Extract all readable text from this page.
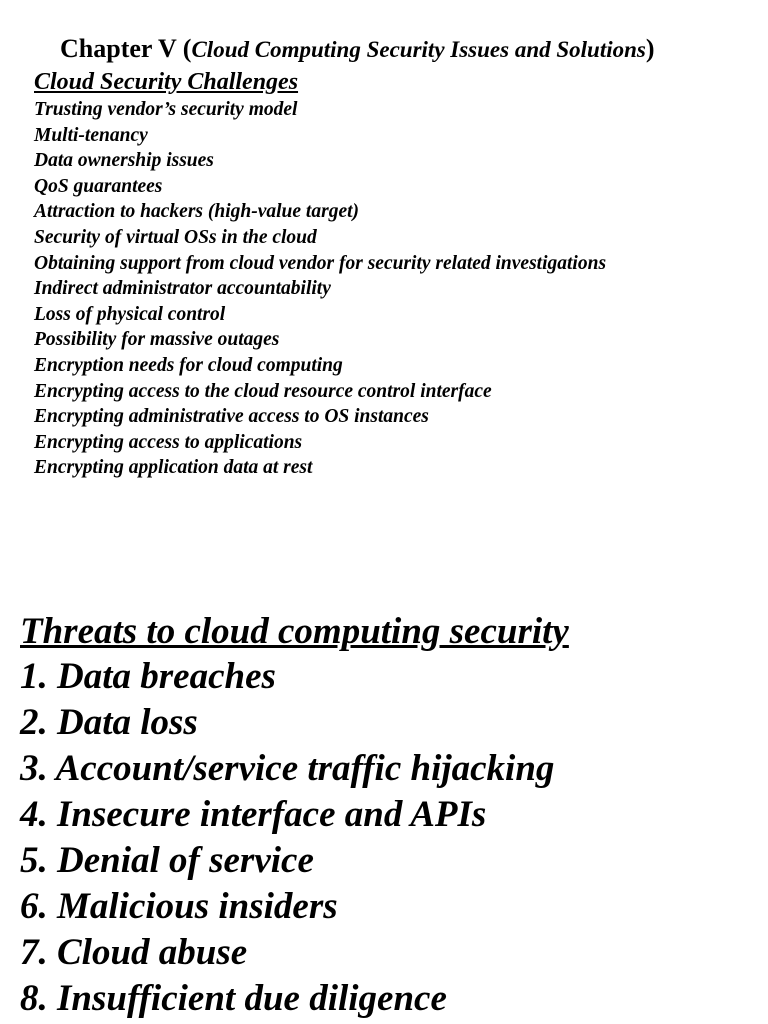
Chapter V (Cloud Computing Security Issues and Solutions)
Cloud Security Challenges
Trusting vendor’s security model
Multi-tenancy
Data ownership issues
QoS guarantees
Attraction to hackers (high-value target)
Security of virtual OSs in the cloud
Obtaining support from cloud vendor for security related investigations
Indirect administrator accountability
Loss of physical control
Possibility for massive outages
Encryption needs for cloud computing
Encrypting access to the cloud resource control interface
Encrypting administrative access to OS instances
Encrypting access to applications
Encrypting application data at rest
Threats to cloud computing security
1. Data breaches
2. Data loss
3. Account/service traffic hijacking
4. Insecure interface and APIs
5. Denial of service
6. Malicious insiders
7. Cloud abuse
8. Insufficient due diligence
